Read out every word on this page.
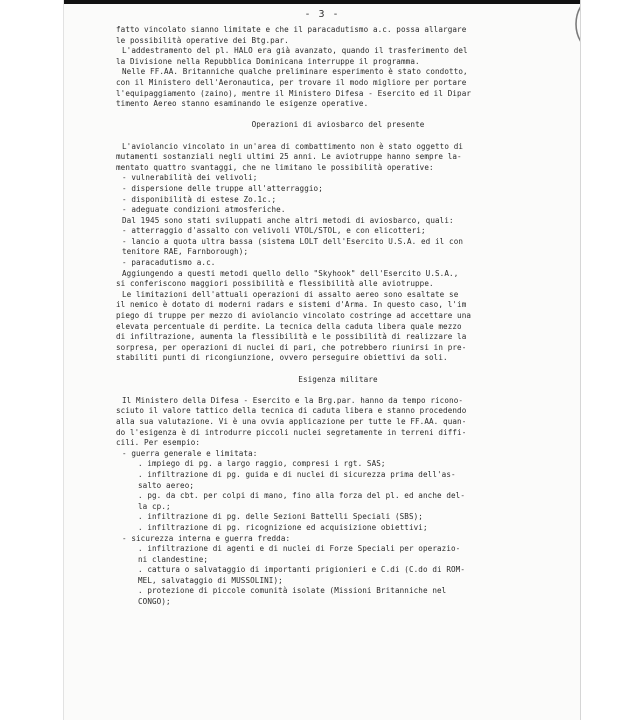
- 3 -
COMITATO
fatto vincolato sianno limitate e che il paracadutismo a.c. possa allargare
le possibilità operative dei Btg.par.
L'addestramento del pl. HALO era già avanzato, quando il trasferimento del
la Divisione nella Repubblica Dominicana interruppe il programma.
Nelle FF.AA. Britanniche qualche preliminare esperimento è stato condotto,
con il Ministero dell'Aeronautica, per trovare il modo migliore per portare
l'equipaggiamento (zaino), mentre il Ministero Difesa - Esercito ed il Dipar
timento Aereo stanno esaminando le esigenze operative.
Operazioni di aviosbarco del presente
L'aviolancio vincolato in un'area di combattimento non è stato oggetto di
mutamenti sostanziali negli ultimi 25 anni. Le aviotruppe hanno sempre la-
mentato quattro svantaggi, che ne limitano le possibilità operative:
- vulnerabilità dei velivoli;
- dispersione delle truppe all'atterraggio;
- disponibilità di estese Zo.1c.;
- adeguate condizioni atmosferiche.
Dal 1945 sono stati sviluppati anche altri metodi di aviosbarco, quali:
- atterraggio d'assalto con velivoli VTOL/STOL, e con elicotteri;
- lancio a quota ultra bassa (sistema LOLT dell'Esercito U.S.A. ed il con
tenitore RAE, Farnborough);
- paracadutismo a.c.
Aggiungendo a questi metodi quello dello "Skyhook" dell'Esercito U.S.A.,
si conferiscono maggiori possibilità e flessibilità alle aviotruppe.
Le limitazioni dell'attuali operazioni di assalto aereo sono esaltate se
il nemico è dotato di moderni radars e sistemi d'Arma. In questo caso, l'im
piego di truppe per mezzo di aviolancio vincolato costringe ad accettare una
elevata percentuale di perdite. La tecnica della caduta libera quale mezzo
di infiltrazione, aumenta la flessibilità e le possibilità di realizzare la
sorpresa, per operazioni di nuclei di pari, che potrebbero riunirsi in pre-
stabiliti punti di ricongiunzione, ovvero perseguire obiettivi da soli.
Esigenza militare
Il Ministero della Difesa - Esercito e la Brg.par. hanno da tempo ricono-
sciuto il valore tattico della tecnica di caduta libera e stanno procedendo
alla sua valutazione. Vi è una ovvia applicazione per tutte le FF.AA. quan-
do l'esigenza è di introdurre piccoli nuclei segretamente in terreni diffi-
cili. Per esempio:
- guerra generale e limitata:
. impiego di pg. a largo raggio, compresi i rgt. SAS;
. infiltrazione di pg. guida e di nuclei di sicurezza prima dell'as-
salto aereo;
. pg. da cbt. per colpi di mano, fino alla forza del pl. ed anche del-
la cp.;
. infiltrazione di pg. delle Sezioni Battelli Speciali (SBS);
. infiltrazione di pg. ricognizione ed acquisizione obiettivi;
- sicurezza interna e guerra fredda:
. infiltrazione di agenti e di nuclei di Forze Speciali per operazio-
ni clandestine;
. cattura o salvataggio di importanti prigionieri e C.di (C.do di ROM-
MEL, salvataggio di MUSSOLINI);
. protezione di piccole comunità isolate (Missioni Britanniche nel
CONGO);
